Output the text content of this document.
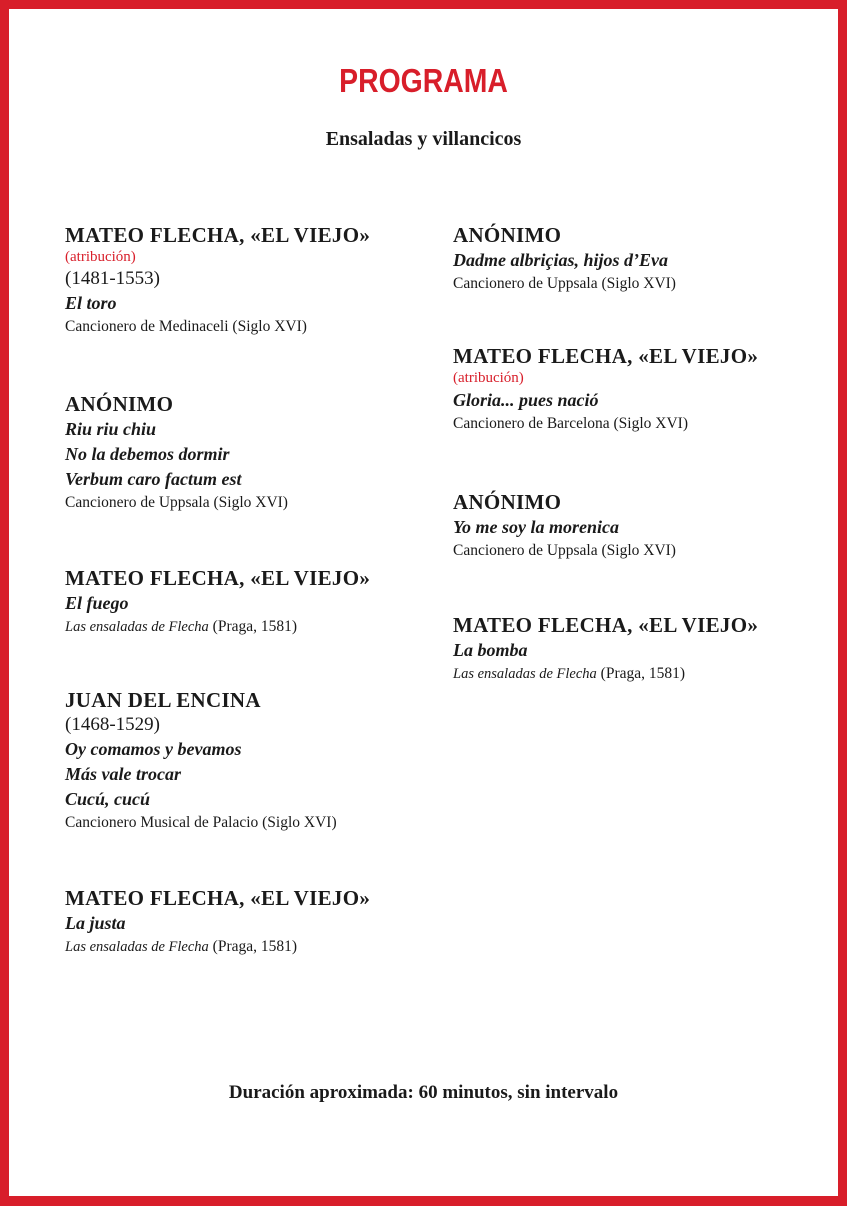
PROGRAMA
Ensaladas y villancicos
MATEO FLECHA, «EL VIEJO»
(atribución)
(1481-1553)
El toro
Cancionero de Medinaceli (Siglo XVI)
ANÓNIMO
Riu riu chiu
No la debemos dormir
Verbum caro factum est
Cancionero de Uppsala (Siglo XVI)
MATEO FLECHA, «EL VIEJO»
El fuego
Las ensaladas de Flecha (Praga, 1581)
JUAN DEL ENCINA
(1468-1529)
Oy comamos y bevamos
Más vale trocar
Cucú, cucú
Cancionero Musical de Palacio (Siglo XVI)
MATEO FLECHA, «EL VIEJO»
La justa
Las ensaladas de Flecha (Praga, 1581)
ANÓNIMO
Dadme albriçias, hijos d’Eva
Cancionero de Uppsala (Siglo XVI)
MATEO FLECHA, «EL VIEJO»
(atribución)
Gloria... pues nació
Cancionero de Barcelona (Siglo XVI)
ANÓNIMO
Yo me soy la morenica
Cancionero de Uppsala (Siglo XVI)
MATEO FLECHA, «EL VIEJO»
La bomba
Las ensaladas de Flecha (Praga, 1581)

Duración aproximada: 60 minutos, sin intervalo
